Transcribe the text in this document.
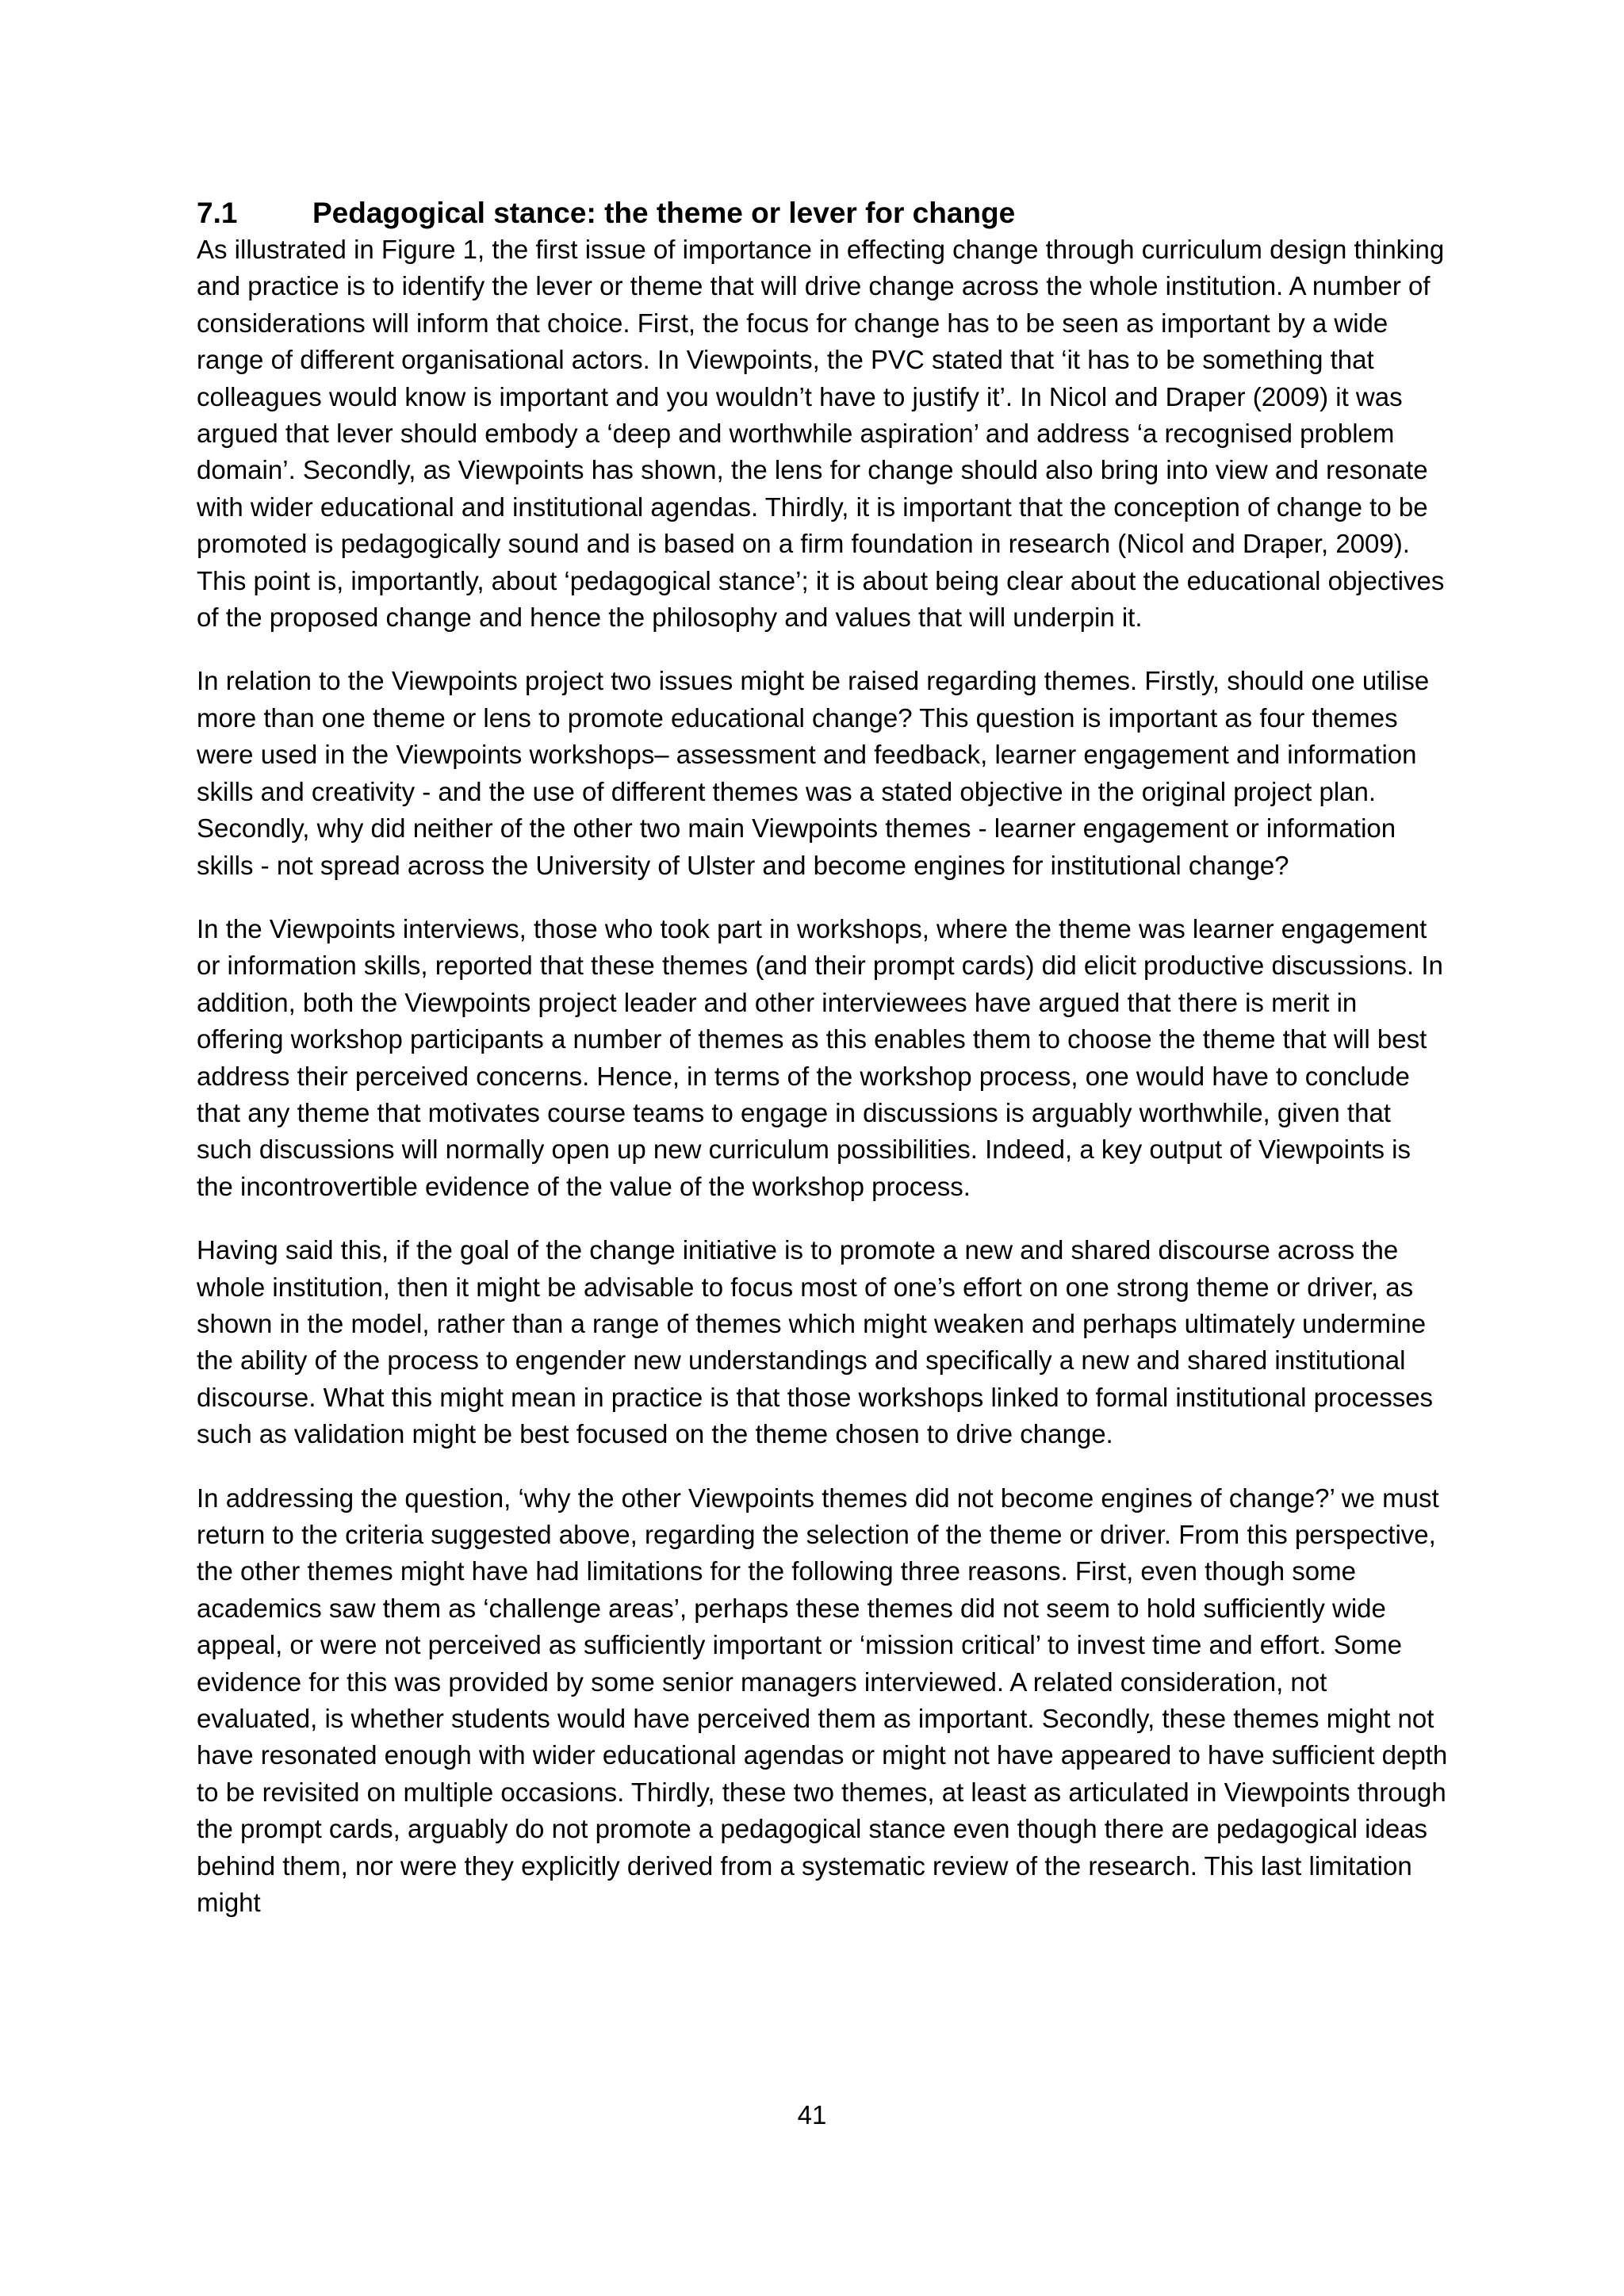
7.1	Pedagogical stance: the theme or lever for change

As illustrated in Figure 1, the first issue of importance in effecting change through curriculum design thinking and practice is to identify the lever or theme that will drive change across the whole institution. A number of considerations will inform that choice. First, the focus for change has to be seen as important by a wide range of different organisational actors. In Viewpoints, the PVC stated that ‘it has to be something that colleagues would know is important and you wouldn’t have to justify it’. In Nicol and Draper (2009) it was argued that lever should embody a ‘deep and worthwhile aspiration’ and address ‘a recognised problem domain’. Secondly, as Viewpoints has shown, the lens for change should also bring into view and resonate with wider educational and institutional agendas. Thirdly, it is important that the conception of change to be promoted is pedagogically sound and is based on a firm foundation in research (Nicol and Draper, 2009). This point is, importantly, about ‘pedagogical stance’; it is about being clear about the educational objectives of the proposed change and hence the philosophy and values that will underpin it.

In relation to the Viewpoints project two issues might be raised regarding themes. Firstly, should one utilise more than one theme or lens to promote educational change? This question is important as four themes were used in the Viewpoints workshops– assessment and feedback, learner engagement and information skills and creativity - and the use of different themes was a stated objective in the original project plan. Secondly, why did neither of the other two main Viewpoints themes - learner engagement or information skills - not spread across the University of Ulster and become engines for institutional change?

In the Viewpoints interviews, those who took part in workshops, where the theme was learner engagement or information skills, reported that these themes (and their prompt cards) did elicit productive discussions. In addition, both the Viewpoints project leader and other interviewees have argued that there is merit in offering workshop participants a number of themes as this enables them to choose the theme that will best address their perceived concerns. Hence, in terms of the workshop process, one would have to conclude that any theme that motivates course teams to engage in discussions is arguably worthwhile, given that such discussions will normally open up new curriculum possibilities. Indeed, a key output of Viewpoints is the incontrovertible evidence of the value of the workshop process.

Having said this, if the goal of the change initiative is to promote a new and shared discourse across the whole institution, then it might be advisable to focus most of one’s effort on one strong theme or driver, as shown in the model, rather than a range of themes which might weaken and perhaps ultimately undermine the ability of the process to engender new understandings and specifically a new and shared institutional discourse. What this might mean in practice is that those workshops linked to formal institutional processes such as validation might be best focused on the theme chosen to drive change.

In addressing the question, ‘why the other Viewpoints themes did not become engines of change?’ we must return to the criteria suggested above, regarding the selection of the theme or driver. From this perspective, the other themes might have had limitations for the following three reasons. First, even though some academics saw them as ‘challenge areas’, perhaps these themes did not seem to hold sufficiently wide appeal, or were not perceived as sufficiently important or ‘mission critical’ to invest time and effort. Some evidence for this was provided by some senior managers interviewed. A related consideration, not evaluated, is whether students would have perceived them as important. Secondly, these themes might not have resonated enough with wider educational agendas or might not have appeared to have sufficient depth to be revisited on multiple occasions. Thirdly, these two themes, at least as articulated in Viewpoints through the prompt cards, arguably do not promote a pedagogical stance even though there are pedagogical ideas behind them, nor were they explicitly derived from a systematic review of the research. This last limitation might

41
